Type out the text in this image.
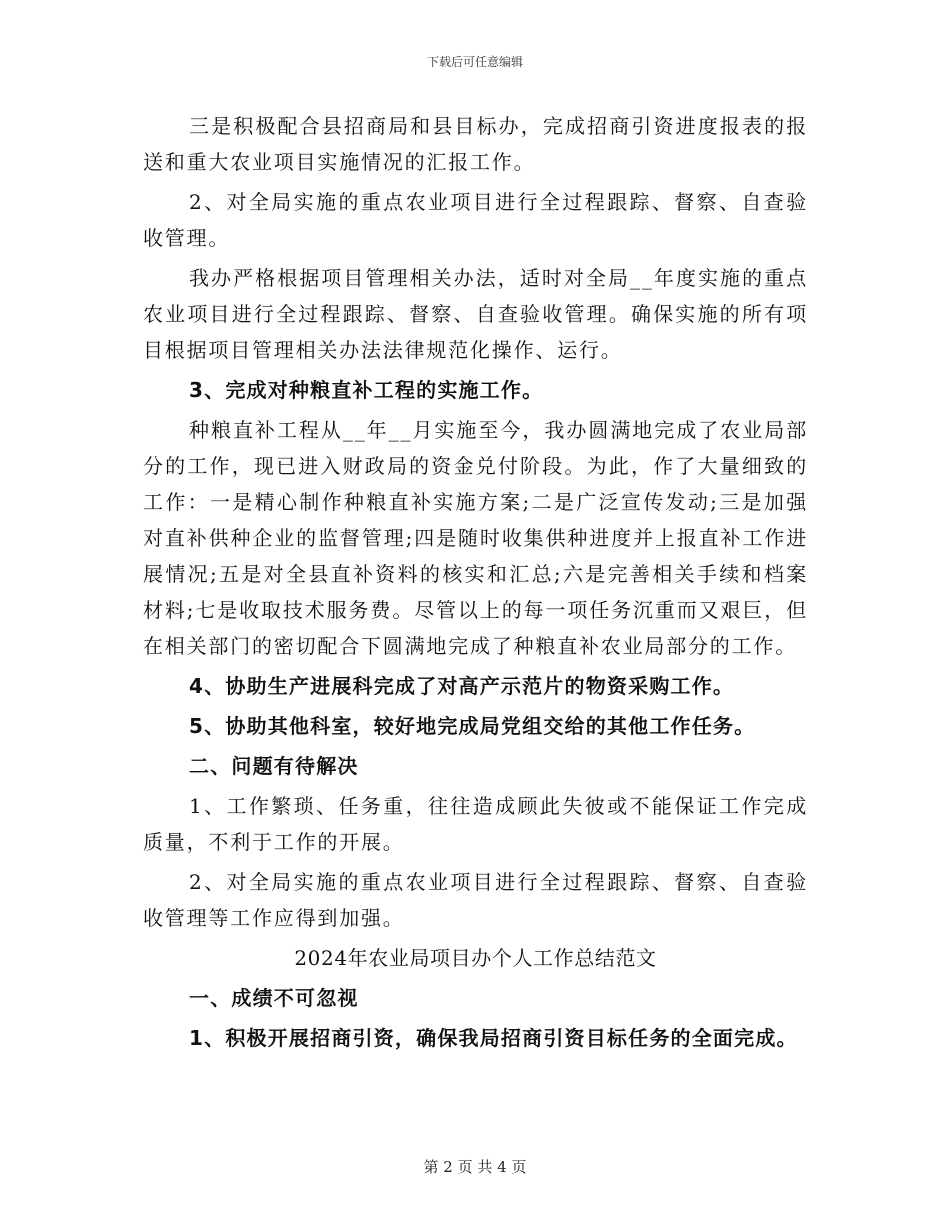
下载后可任意编辑

三是积极配合县招商局和县目标办，完成招商引资进度报表的报送和重大农业项目实施情况的汇报工作。

2、对全局实施的重点农业项目进行全过程跟踪、督察、自查验收管理。

我办严格根据项目管理相关办法，适时对全局__年度实施的重点农业项目进行全过程跟踪、督察、自查验收管理。确保实施的所有项目根据项目管理相关办法法律规范化操作、运行。

3、完成对种粮直补工程的实施工作。

种粮直补工程从__年__月实施至今，我办圆满地完成了农业局部分的工作，现已进入财政局的资金兑付阶段。为此，作了大量细致的工作：一是精心制作种粮直补实施方案;二是广泛宣传发动;三是加强对直补供种企业的监督管理;四是随时收集供种进度并上报直补工作进展情况;五是对全县直补资料的核实和汇总;六是完善相关手续和档案材料;七是收取技术服务费。尽管以上的每一项任务沉重而又艰巨，但在相关部门的密切配合下圆满地完成了种粮直补农业局部分的工作。

4、协助生产进展科完成了对高产示范片的物资采购工作。

5、协助其他科室，较好地完成局党组交给的其他工作任务。

二、问题有待解决

1、工作繁琐、任务重，往往造成顾此失彼或不能保证工作完成质量，不利于工作的开展。

2、对全局实施的重点农业项目进行全过程跟踪、督察、自查验收管理等工作应得到加强。

2024年农业局项目办个人工作总结范文

一、成绩不可忽视

1、积极开展招商引资，确保我局招商引资目标任务的全面完成。

第 2 页 共 4 页
